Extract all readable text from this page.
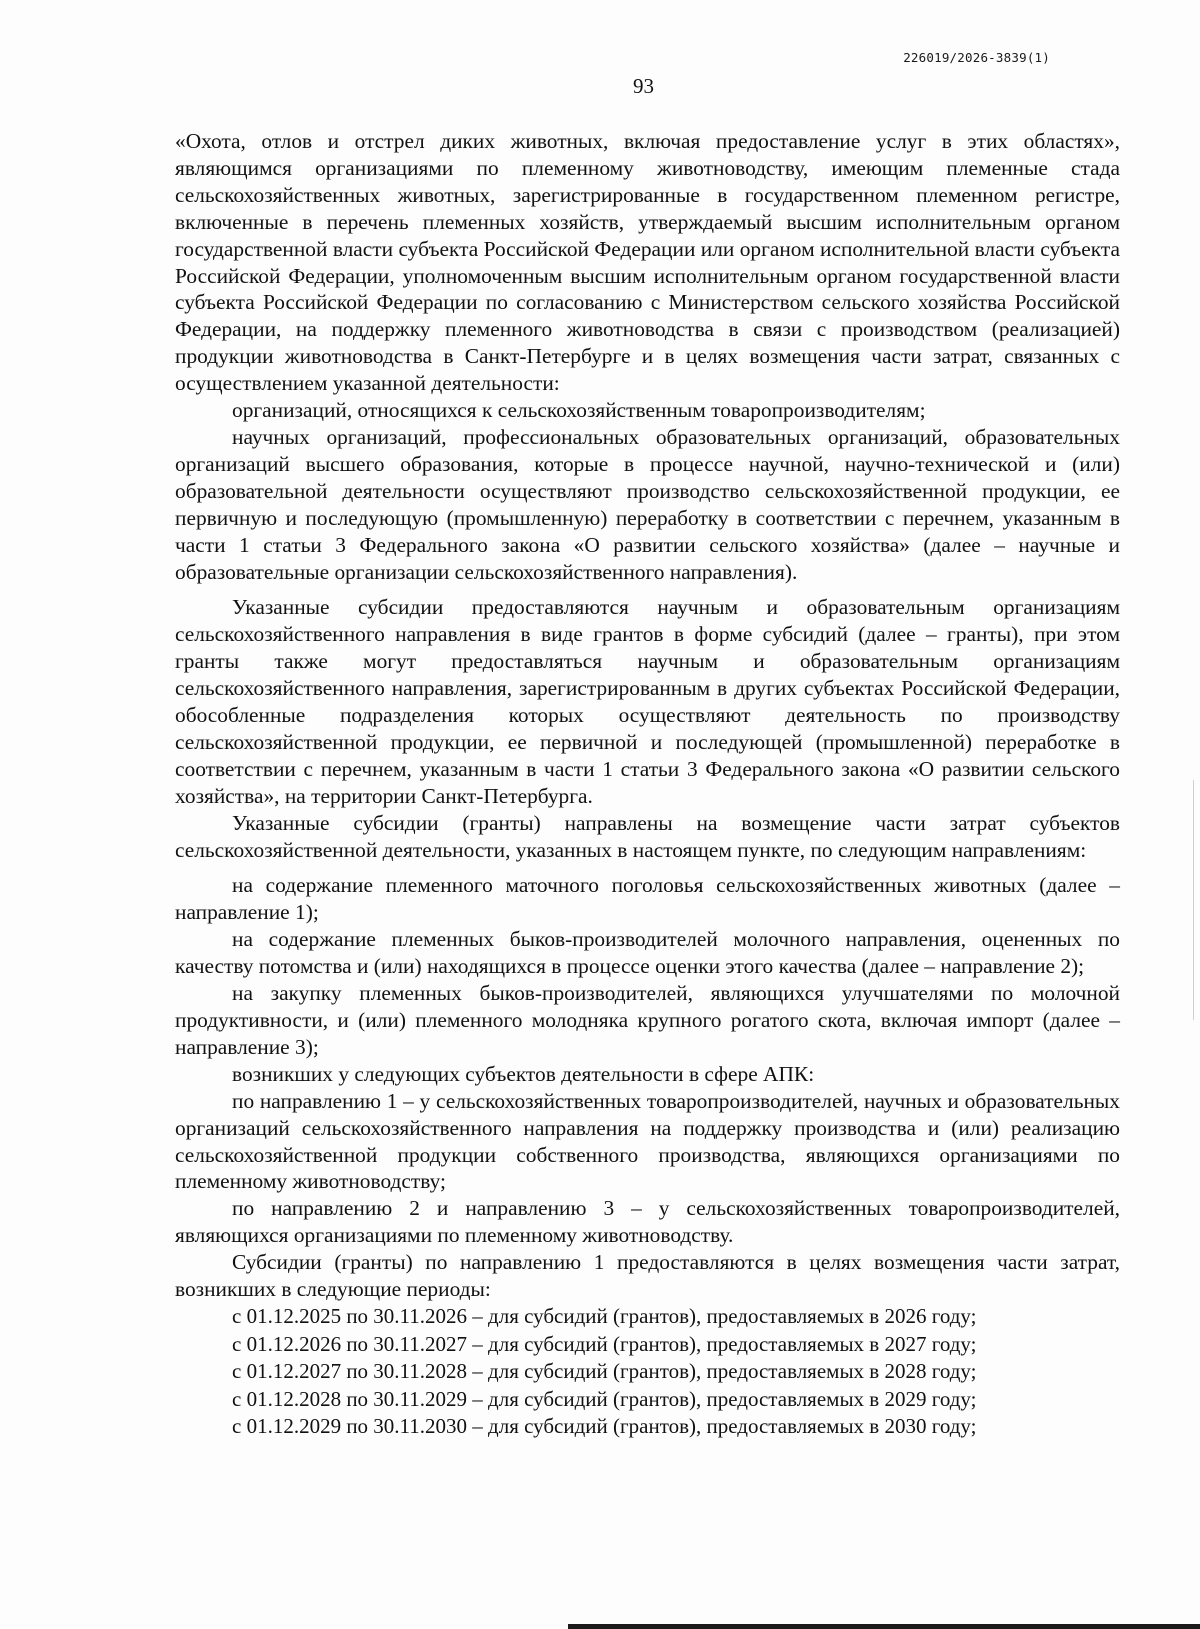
226019/2026-3839(1)
93

«Охота, отлов и отстрел диких животных, включая предоставление услуг в этих областях», являющимся организациями по племенному животноводству, имеющим племенные стада сельскохозяйственных животных, зарегистрированные в государственном племенном регистре, включенные в перечень племенных хозяйств, утверждаемый высшим исполнительным органом государственной власти субъекта Российской Федерации или органом исполнительной власти субъекта Российской Федерации, уполномоченным высшим исполнительным органом государственной власти субъекта Российской Федерации по согласованию с Министерством сельского хозяйства Российской Федерации, на поддержку племенного животноводства в связи с производством (реализацией) продукции животноводства в Санкт-Петербурге и в целях возмещения части затрат, связанных с осуществлением указанной деятельности:

организаций, относящихся к сельскохозяйственным товаропроизводителям;

научных организаций, профессиональных образовательных организаций, образовательных организаций высшего образования, которые в процессе научной, научно-технической и (или) образовательной деятельности осуществляют производство сельскохозяйственной продукции, ее первичную и последующую (промышленную) переработку в соответствии с перечнем, указанным в части 1 статьи 3 Федерального закона «О развитии сельского хозяйства» (далее – научные и образовательные организации сельскохозяйственного направления).

Указанные субсидии предоставляются научным и образовательным организациям сельскохозяйственного направления в виде грантов в форме субсидий (далее – гранты), при этом гранты также могут предоставляться научным и образовательным организациям сельскохозяйственного направления, зарегистрированным в других субъектах Российской Федерации, обособленные подразделения которых осуществляют деятельность по производству сельскохозяйственной продукции, ее первичной и последующей (промышленной) переработке в соответствии с перечнем, указанным в части 1 статьи 3 Федерального закона «О развитии сельского хозяйства», на территории Санкт-Петербурга.

Указанные субсидии (гранты) направлены на возмещение части затрат субъектов сельскохозяйственной деятельности, указанных в настоящем пункте, по следующим направлениям:

на содержание племенного маточного поголовья сельскохозяйственных животных (далее – направление 1);

на содержание племенных быков-производителей молочного направления, оцененных по качеству потомства и (или) находящихся в процессе оценки этого качества (далее – направление 2);

на закупку племенных быков-производителей, являющихся улучшателями по молочной продуктивности, и (или) племенного молодняка крупного рогатого скота, включая импорт (далее – направление 3);

возникших у следующих субъектов деятельности в сфере АПК:

по направлению 1 – у сельскохозяйственных товаропроизводителей, научных и образовательных организаций сельскохозяйственного направления на поддержку производства и (или) реализацию сельскохозяйственной продукции собственного производства, являющихся организациями по племенному животноводству;

по направлению 2 и направлению 3 – у сельскохозяйственных товаропроизводителей, являющихся организациями по племенному животноводству.

Субсидии (гранты) по направлению 1 предоставляются в целях возмещения части затрат, возникших в следующие периоды:

с 01.12.2025 по 30.11.2026 – для субсидий (грантов), предоставляемых в 2026 году;

с 01.12.2026 по 30.11.2027 – для субсидий (грантов), предоставляемых в 2027 году;

с 01.12.2027 по 30.11.2028 – для субсидий (грантов), предоставляемых в 2028 году;

с 01.12.2028 по 30.11.2029 – для субсидий (грантов), предоставляемых в 2029 году;

с 01.12.2029 по 30.11.2030 – для субсидий (грантов), предоставляемых в 2030 году;
